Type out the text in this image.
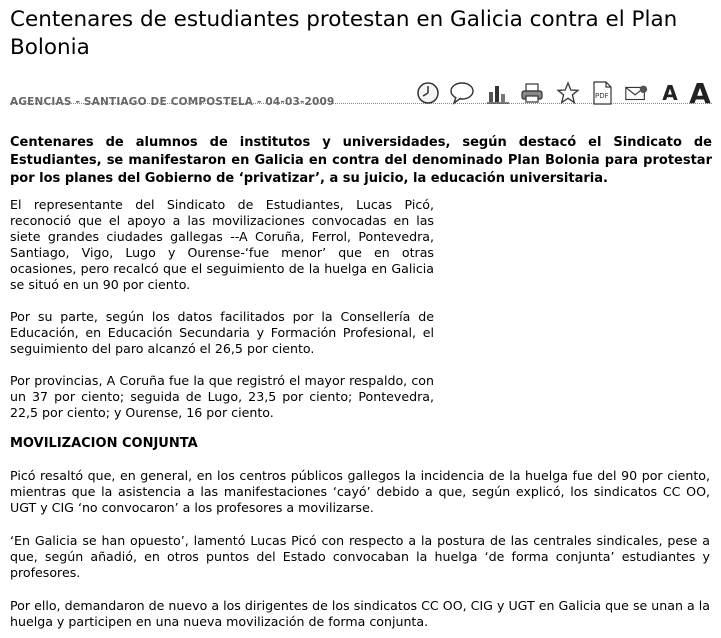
Centenares de estudiantes protestan en Galicia contra el Plan Bolonia
AGENCIAS - SANTIAGO DE COMPOSTELA - 04-03-2009	PDF	A A

Centenares de alumnos de institutos y universidades, según destacó el Sindicato de Estudiantes, se manifestaron en Galicia en contra del denominado Plan Bolonia para protestar por los planes del Gobierno de ‘privatizar’, a su juicio, la educación universitaria.

El representante del Sindicato de Estudiantes, Lucas Picó, reconoció que el apoyo a las movilizaciones convocadas en las siete grandes ciudades gallegas --A Coruña, Ferrol, Pontevedra, Santiago, Vigo, Lugo y Ourense-‘fue menor’ que en otras ocasiones, pero recalcó que el seguimiento de la huelga en Galicia se situó en un 90 por ciento.

Por su parte, según los datos facilitados por la Consellería de Educación, en Educación Secundaria y Formación Profesional, el seguimiento del paro alcanzó el 26,5 por ciento.

Por provincias, A Coruña fue la que registró el mayor respaldo, con un 37 por ciento; seguida de Lugo, 23,5 por ciento; Pontevedra, 22,5 por ciento; y Ourense, 16 por ciento.

MOVILIZACION CONJUNTA

Picó resaltó que, en general, en los centros públicos gallegos la incidencia de la huelga fue del 90 por ciento, mientras que la asistencia a las manifestaciones ‘cayó’ debido a que, según explicó, los sindicatos CC OO, UGT y CIG ‘no convocaron’ a los profesores a movilizarse.

‘En Galicia se han opuesto’, lamentó Lucas Picó con respecto a la postura de las centrales sindicales, pese a que, según añadió, en otros puntos del Estado convocaban la huelga ‘de forma conjunta’ estudiantes y profesores.

Por ello, demandaron de nuevo a los dirigentes de los sindicatos CC OO, CIG y UGT en Galicia que se unan a la huelga y participen en una nueva movilización de forma conjunta.
